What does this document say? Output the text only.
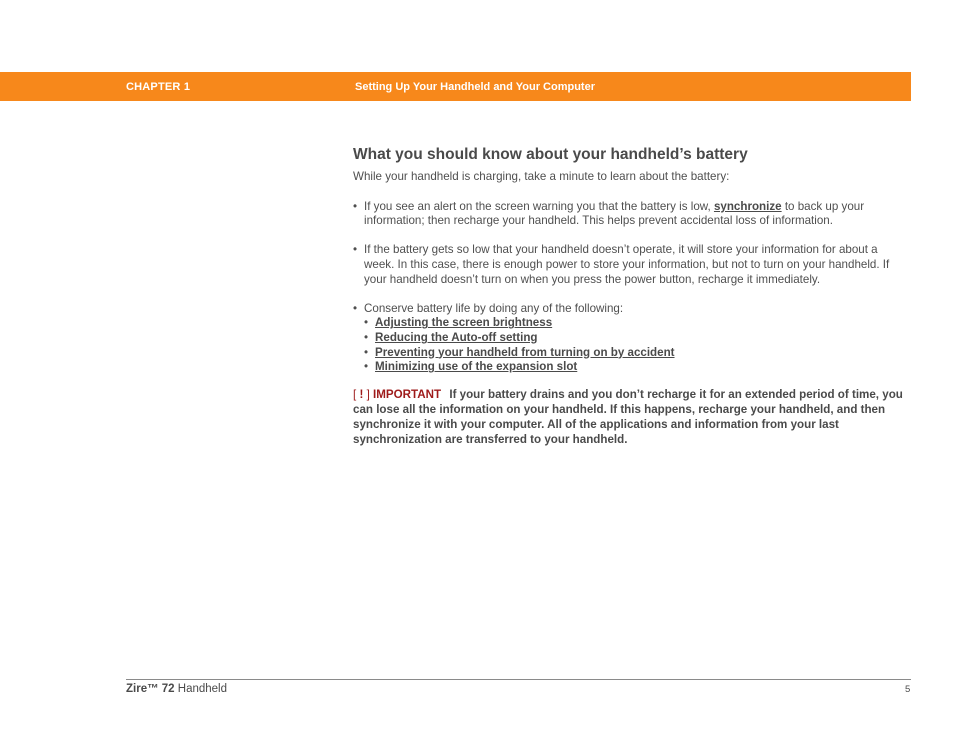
CHAPTER 1	Setting Up Your Handheld and Your Computer
What you should know about your handheld’s battery

While your handheld is charging, take a minute to learn about the battery:

• If you see an alert on the screen warning you that the battery is low, synchronize to back up your information; then recharge your handheld. This helps prevent accidental loss of information.
• If the battery gets so low that your handheld doesn’t operate, it will store your information for about a week. In this case, there is enough power to store your information, but not to turn on your handheld. If your handheld doesn’t turn on when you press the power button, recharge it immediately.
• Conserve battery life by doing any of the following:
• Adjusting the screen brightness
• Reducing the Auto-off setting
• Preventing your handheld from turning on by accident
• Minimizing use of the expansion slot
[ ! ] IMPORTANT If your battery drains and you don’t recharge it for an extended period of time, you can lose all the information on your handheld. If this happens, recharge your handheld, and then synchronize it with your computer. All of the applications and information from your last synchronization are transferred to your handheld.
Zire™ 72 Handheld	5
